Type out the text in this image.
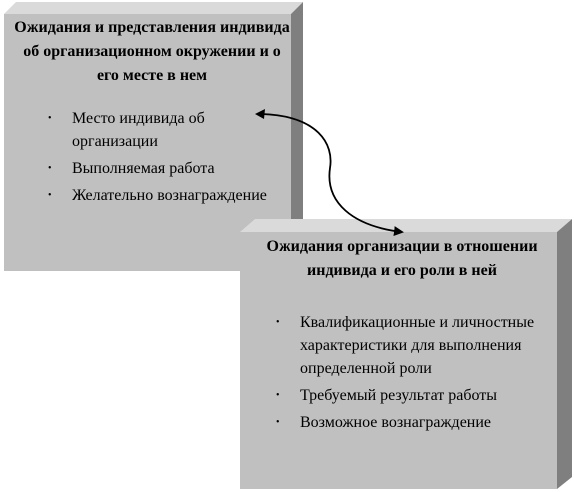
Ожидания и представления индивида об организационном окружении и о его месте в нем

• Место индивида об организации
• Выполняемая работа
• Желательно вознаграждение

Ожидания организации в отношении индивида и его роли в ней

• Квалификационные и личностные характеристики для выполнения определенной роли
• Требуемый результат работы
• Возможное вознаграждение
